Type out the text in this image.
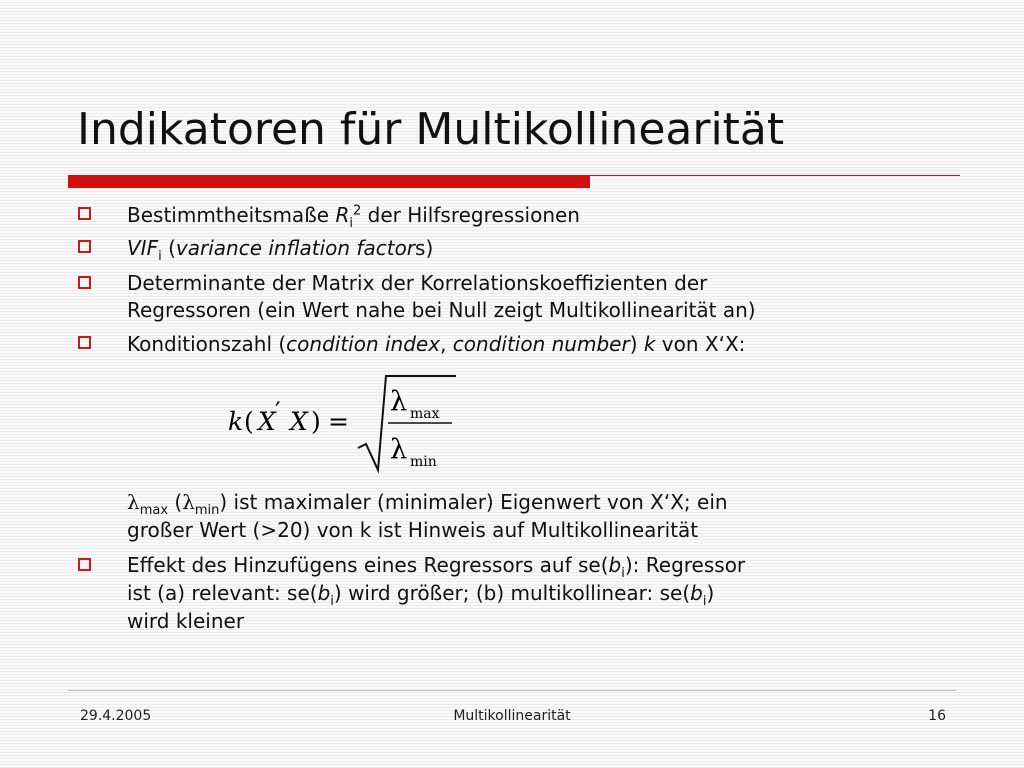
Indikatoren für Multikollinearität
Bestimmtheitsmaße $R_i^2$ der Hilfsregressionen
$VIF_i$ (variance inflation factors)
Determinante der Matrix der Korrelationskoeffizienten der
Regressoren (ein Wert nahe bei Null zeigt Multikollinearität an)
Konditionszahl (condition index, condition number) k von X‘X:
k ( X ′ X ) =
λ max
λ min
$\lambda_{max}$ $(\lambda_{min})$ ist maximaler (minimaler) Eigenwert von X‘X; ein
großer Wert (>20) von k ist Hinweis auf Multikollinearität
Effekt des Hinzufügens eines Regressors auf $se(b_i)$: Regressor
ist (a) relevant: $se(b_i)$ wird größer; (b) multikollinear: $se(b_i)$
wird kleiner
29.4.2005	Multikollinearität	16
